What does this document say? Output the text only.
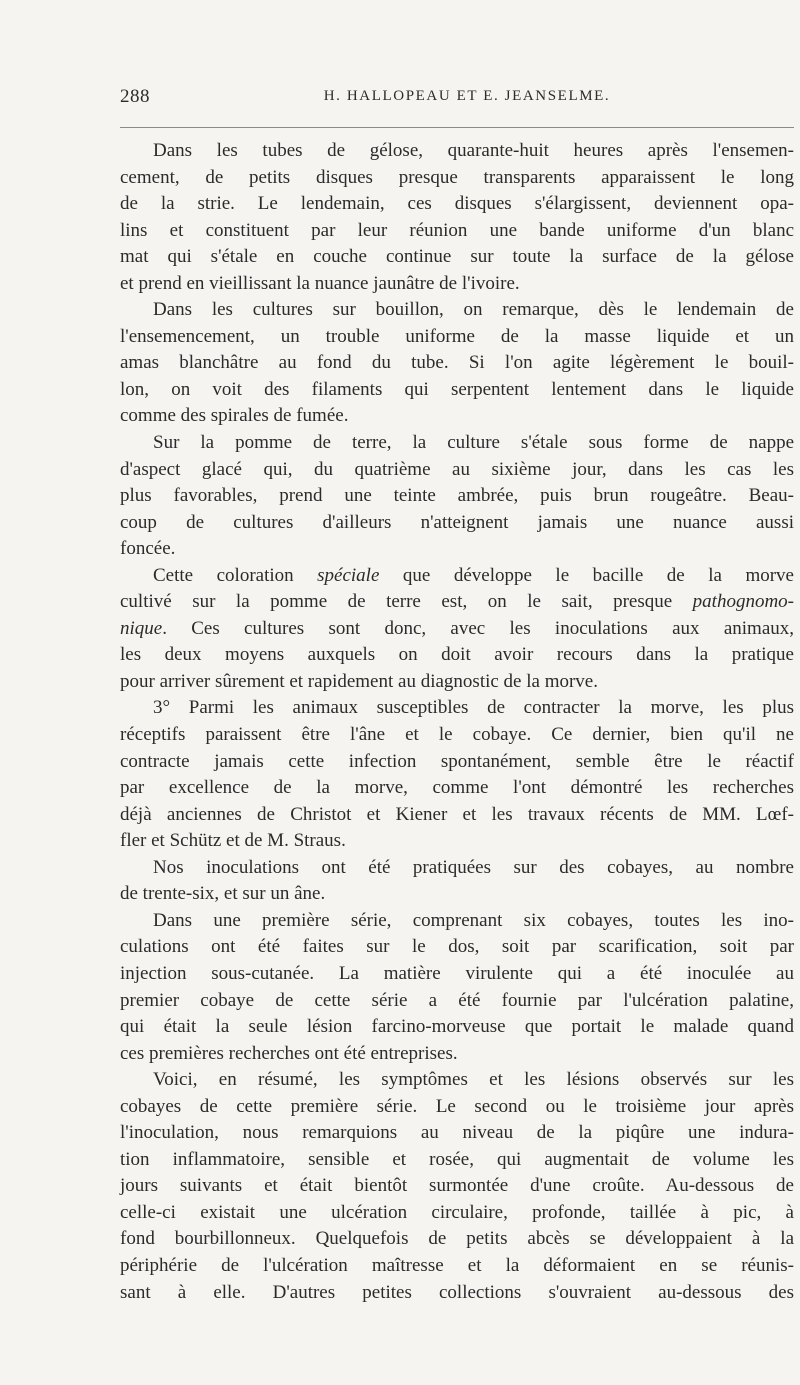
288	H. HALLOPEAU ET E. JEANSELME.
Dans les tubes de gélose, quarante-huit heures après l'ensemen-
cement, de petits disques presque transparents apparaissent le long
de la strie. Le lendemain, ces disques s'élargissent, deviennent opa-
lins et constituent par leur réunion une bande uniforme d'un blanc
mat qui s'étale en couche continue sur toute la surface de la gélose
et prend en vieillissant la nuance jaunâtre de l'ivoire.
Dans les cultures sur bouillon, on remarque, dès le lendemain de
l'ensemencement, un trouble uniforme de la masse liquide et un
amas blanchâtre au fond du tube. Si l'on agite légèrement le bouil-
lon, on voit des filaments qui serpentent lentement dans le liquide
comme des spirales de fumée.
Sur la pomme de terre, la culture s'étale sous forme de nappe
d'aspect glacé qui, du quatrième au sixième jour, dans les cas les
plus favorables, prend une teinte ambrée, puis brun rougeâtre. Beau-
coup de cultures d'ailleurs n'atteignent jamais une nuance aussi
foncée.
Cette coloration spéciale que développe le bacille de la morve
cultivé sur la pomme de terre est, on le sait, presque pathognomo-
nique. Ces cultures sont donc, avec les inoculations aux animaux,
les deux moyens auxquels on doit avoir recours dans la pratique
pour arriver sûrement et rapidement au diagnostic de la morve.
3° Parmi les animaux susceptibles de contracter la morve, les plus
réceptifs paraissent être l'âne et le cobaye. Ce dernier, bien qu'il ne
contracte jamais cette infection spontanément, semble être le réactif
par excellence de la morve, comme l'ont démontré les recherches
déjà anciennes de Christot et Kiener et les travaux récents de MM. Lœf-
fler et Schütz et de M. Straus.
Nos inoculations ont été pratiquées sur des cobayes, au nombre
de trente-six, et sur un âne.
Dans une première série, comprenant six cobayes, toutes les ino-
culations ont été faites sur le dos, soit par scarification, soit par
injection sous-cutanée. La matière virulente qui a été inoculée au
premier cobaye de cette série a été fournie par l'ulcération palatine,
qui était la seule lésion farcino-morveuse que portait le malade quand
ces premières recherches ont été entreprises.
Voici, en résumé, les symptômes et les lésions observés sur les
cobayes de cette première série. Le second ou le troisième jour après
l'inoculation, nous remarquions au niveau de la piqûre une indura-
tion inflammatoire, sensible et rosée, qui augmentait de volume les
jours suivants et était bientôt surmontée d'une croûte. Au-dessous de
celle-ci existait une ulcération circulaire, profonde, taillée à pic, à
fond bourbillonneux. Quelquefois de petits abcès se développaient à la
périphérie de l'ulcération maîtresse et la déformaient en se réunis-
sant à elle. D'autres petites collections s'ouvraient au-dessous des
